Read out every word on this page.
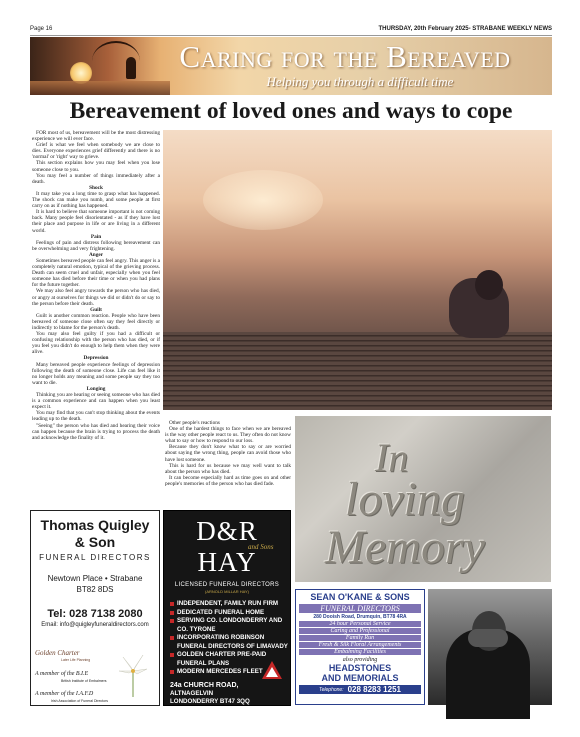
Page 16	THURSDAY, 20th February 2025- STRABANE WEEKLY NEWS
Caring for the Bereaved
Helping you through a difficult time
Bereavement of loved ones and ways to cope

FOR most of us, bereavement will be the most distressing experience we will ever face.

Grief is what we feel when somebody we are close to dies. Everyone experiences grief differently and there is no 'normal' or 'right' way to grieve.

This section explains how you may feel when you lose someone close to you.

You may feel a number of things immediately after a death.

Shock

It may take you a long time to grasp what has happened. The shock can make you numb, and some people at first carry on as if nothing has happened.

It is hard to believe that someone important is not coming back. Many people feel disorientated - as if they have lost their place and purpose in life or are living in a different world.

Pain

Feelings of pain and distress following bereavement can be overwhelming and very frightening.

Anger

Sometimes bereaved people can feel angry. This anger is a completely natural emotion, typical of the grieving process. Death can seem cruel and unfair, especially when you feel someone has died before their time or when you had plans for the future together.

We may also feel angry towards the person who has died, or angry at ourselves for things we did or didn't do or say to the person before their death.

Guilt

Guilt is another common reaction. People who have been bereaved of someone close often say they feel directly or indirectly to blame for the person's death.

You may also feel guilty if you had a difficult or confusing relationship with the person who has died, or if you feel you didn't do enough to help them when they were alive.

Depression

Many bereaved people experience feelings of depression following the death of someone close. Life can feel like it no longer holds any meaning and some people say they too want to die.

Longing

Thinking you are hearing or seeing someone who has died is a common experience and can happen when you least expect it.

You may find that you can't stop thinking about the events leading up to the death.

"Seeing" the person who has died and hearing their voice can happen because the brain is trying to process the death and acknowledge the finality of it.

Other people's reactions

One of the hardest things to face when we are bereaved is the way other people react to us. They often do not know what to say or how to respond to our loss.

Because they don't know what to say or are worried about saying the wrong thing, people can avoid those who have lost someone.

This is hard for us because we may well want to talk about the person who has died.

It can become especially hard as time goes on and other people's memories of the person who has died fade.

In
loving
Memory
Thomas Quigley
& Son
FUNERAL DIRECTORS
Newtown Place • Strabane
BT82 8DS
Tel: 028 7138 2080
Email: info@quigleyfuneraldirectors.com
Golden Charter
Later Life Planning
A member of the B.I.E
British Institute of Embalmers
A member of the I.A.F.D
Irish Association of Funeral Directors
D&R HAY
and Sons
LICENSED FUNERAL DIRECTORS
(ARNOLD MILLAR HAY)
INDEPENDENT, FAMILY RUN FIRM
DEDICATED FUNERAL HOME
SERVING CO. LONDONDERRY AND CO. TYRONE
INCORPORATING ROBINSON FUNERAL DIRECTORS OF LIMAVADY
GOLDEN CHARTER PRE-PAID FUNERAL PLANS
MODERN MERCEDES FLEET
24a CHURCH ROAD,
ALTNAGELVIN
LONDONDERRY BT47 3QQ
TELEPHONE: 028 7131 2567
WEBSITE: www.dandrhay.co.uk
SEAN O'KANE & SONS
FUNERAL DIRECTORS
280 Dooish Road, Drumquin, BT78 4RA
24 hour Personal Service
Caring and Professional
Family Run
Fresh & Silk Floral Arrangements
Embalming Facilities
also providing
HEADSTONES
AND MEMORIALS
Telephone: 028 8283 1251
